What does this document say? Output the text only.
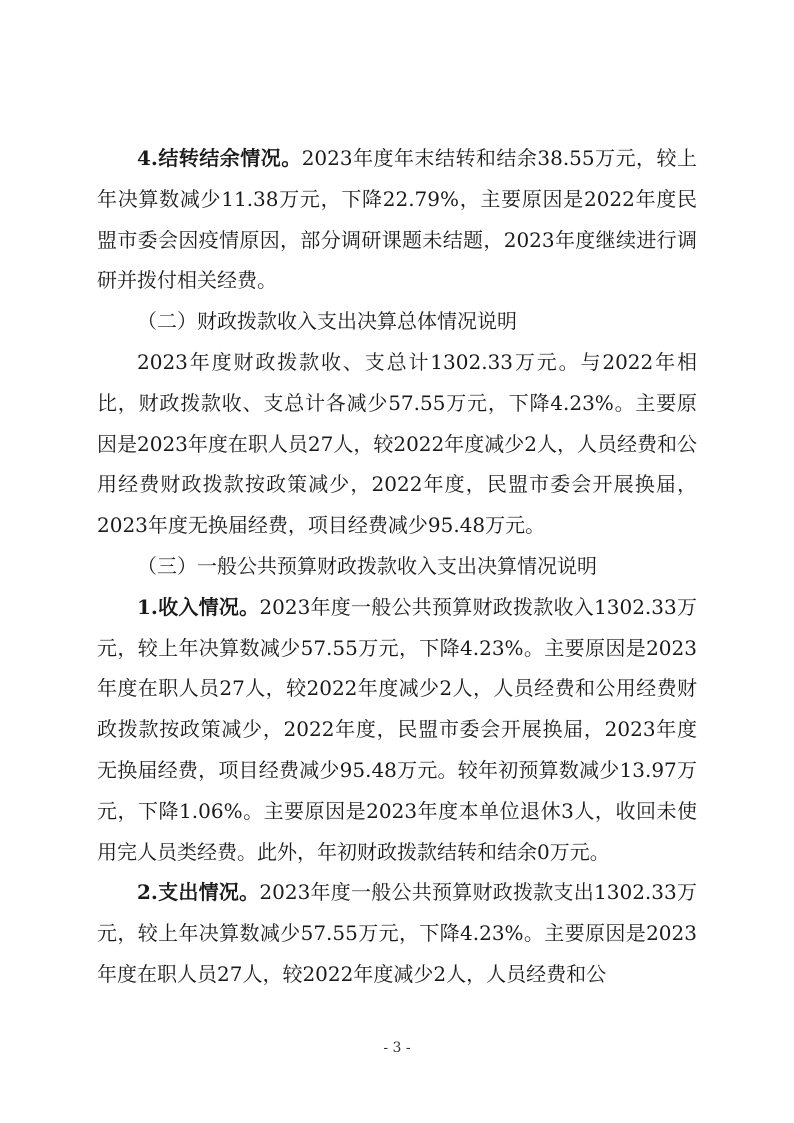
4.结转结余情况。2023年度年末结转和结余38.55万元，较上年决算数减少11.38万元，下降22.79%，主要原因是2022年度民盟市委会因疫情原因，部分调研课题未结题，2023年度继续进行调研并拨付相关经费。

（二）财政拨款收入支出决算总体情况说明

2023年度财政拨款收、支总计1302.33万元。与2022年相比，财政拨款收、支总计各减少57.55万元，下降4.23%。主要原因是2023年度在职人员27人，较2022年度减少2人，人员经费和公用经费财政拨款按政策减少，2022年度，民盟市委会开展换届，2023年度无换届经费，项目经费减少95.48万元。

（三）一般公共预算财政拨款收入支出决算情况说明

1.收入情况。2023年度一般公共预算财政拨款收入1302.33万元，较上年决算数减少57.55万元，下降4.23%。主要原因是2023年度在职人员27人，较2022年度减少2人，人员经费和公用经费财政拨款按政策减少，2022年度，民盟市委会开展换届，2023年度无换届经费，项目经费减少95.48万元。较年初预算数减少13.97万元，下降1.06%。主要原因是2023年度本单位退休3人，收回未使用完人员类经费。此外，年初财政拨款结转和结余0万元。

2.支出情况。2023年度一般公共预算财政拨款支出1302.33万元，较上年决算数减少57.55万元，下降4.23%。主要原因是2023年度在职人员27人，较2022年度减少2人，人员经费和公

- 3 -
